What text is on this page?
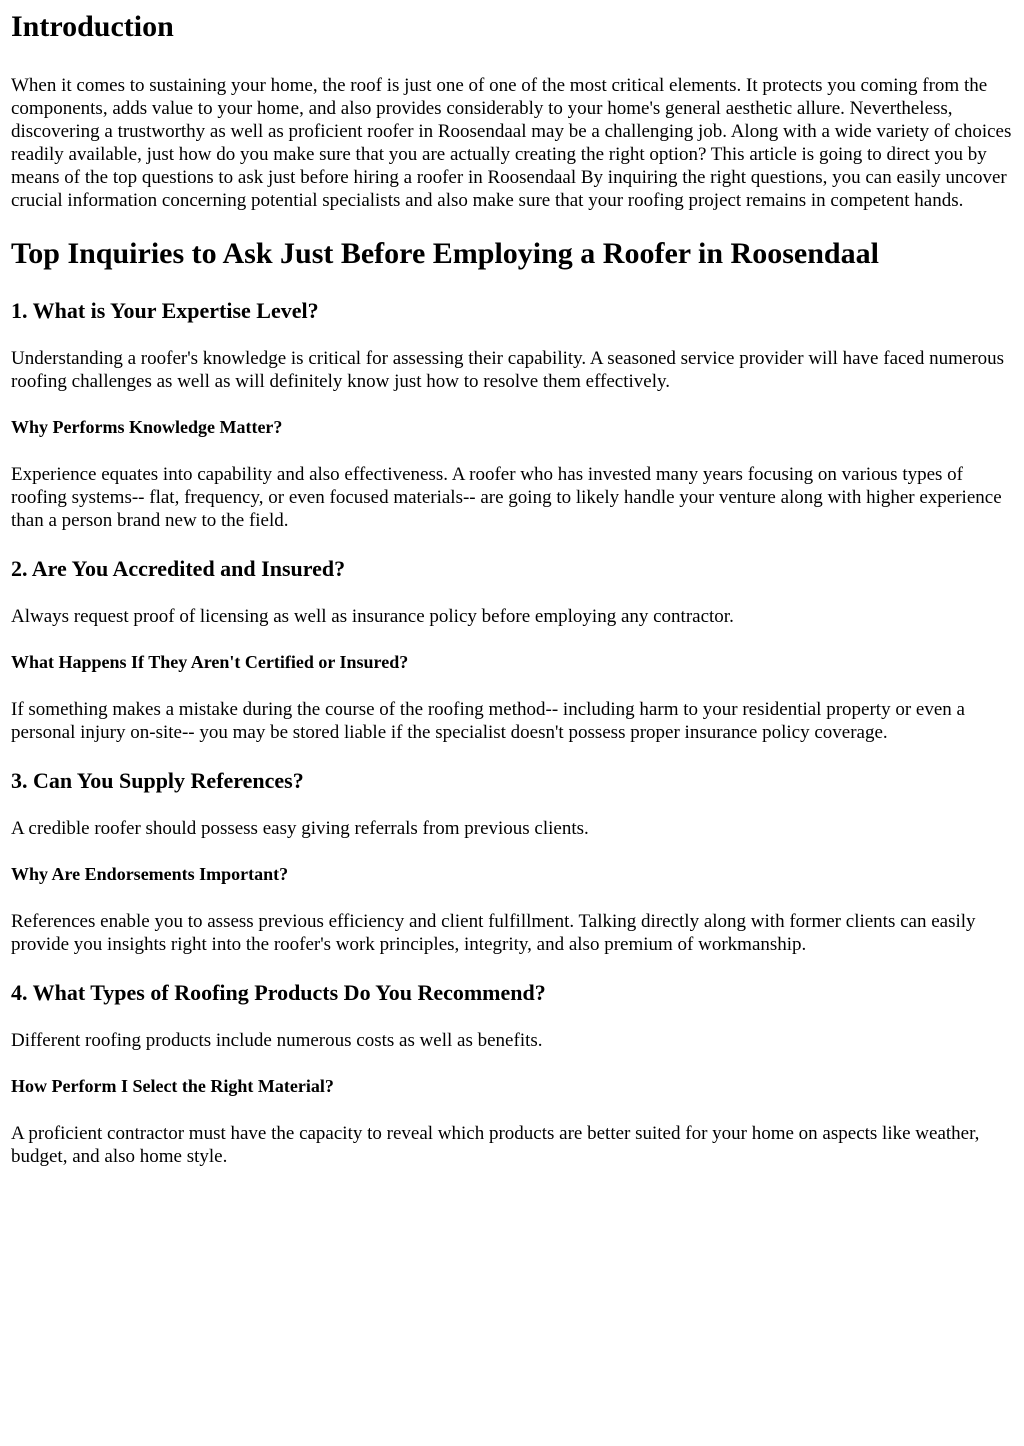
Introduction

When it comes to sustaining your home, the roof is just one of one of the most critical elements. It protects you coming from the components, adds value to your home, and also provides considerably to your home's general aesthetic allure. Nevertheless, discovering a trustworthy as well as proficient roofer in Roosendaal may be a challenging job. Along with a wide variety of choices readily available, just how do you make sure that you are actually creating the right option? This article is going to direct you by means of the top questions to ask just before hiring a roofer in Roosendaal By inquiring the right questions, you can easily uncover crucial information concerning potential specialists and also make sure that your roofing project remains in competent hands.

Top Inquiries to Ask Just Before Employing a Roofer in Roosendaal
1. What is Your Expertise Level?

Understanding a roofer's knowledge is critical for assessing their capability. A seasoned service provider will have faced numerous roofing challenges as well as will definitely know just how to resolve them effectively.

Why Performs Knowledge Matter?

Experience equates into capability and also effectiveness. A roofer who has invested many years focusing on various types of roofing systems-- flat, frequency, or even focused materials-- are going to likely handle your venture along with higher experience than a person brand new to the field.

2. Are You Accredited and Insured?

Always request proof of licensing as well as insurance policy before employing any contractor.

What Happens If They Aren't Certified or Insured?

If something makes a mistake during the course of the roofing method-- including harm to your residential property or even a personal injury on-site-- you may be stored liable if the specialist doesn't possess proper insurance policy coverage.

3. Can You Supply References?

A credible roofer should possess easy giving referrals from previous clients.

Why Are Endorsements Important?

References enable you to assess previous efficiency and client fulfillment. Talking directly along with former clients can easily provide you insights right into the roofer's work principles, integrity, and also premium of workmanship.

4. What Types of Roofing Products Do You Recommend?

Different roofing products include numerous costs as well as benefits.

How Perform I Select the Right Material?

A proficient contractor must have the capacity to reveal which products are better suited for your home on aspects like weather, budget, and also home style.
